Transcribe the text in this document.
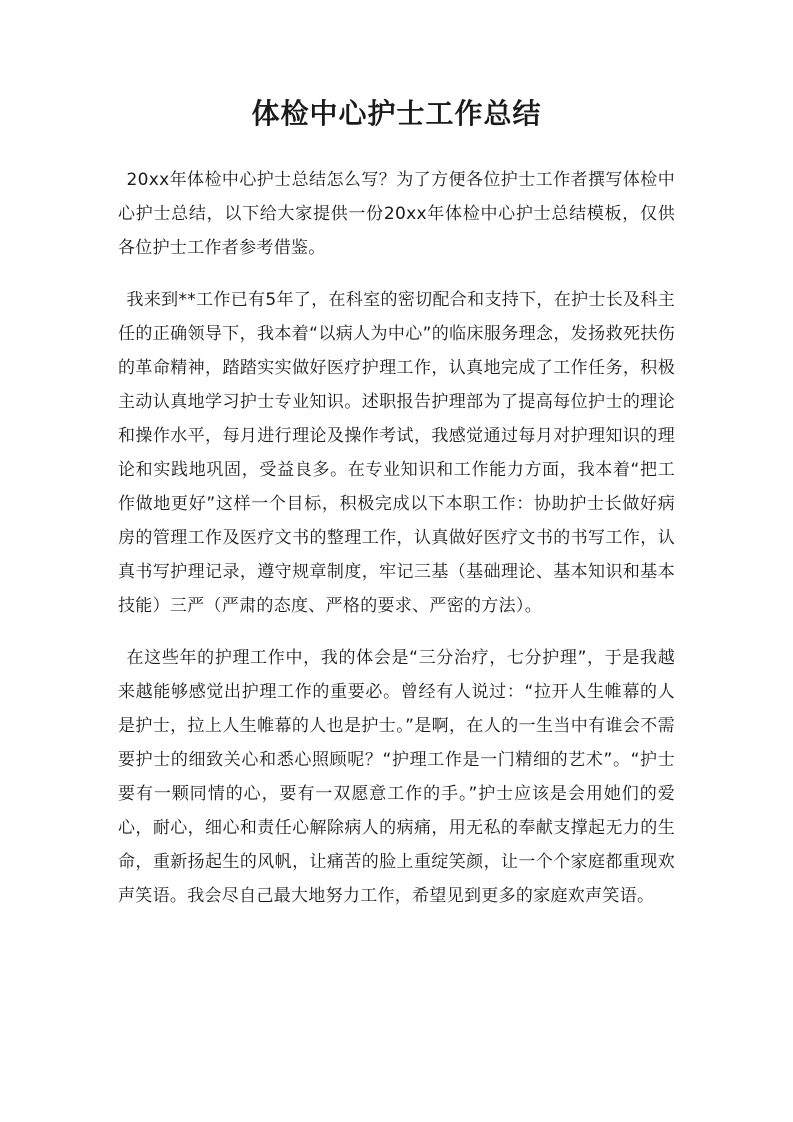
体检中心护士工作总结

20xx年体检中心护士总结怎么写？为了方便各位护士工作者撰写体检中心护士总结，以下给大家提供一份20xx年体检中心护士总结模板，仅供各位护士工作者参考借鉴。

我来到**工作已有5年了，在科室的密切配合和支持下，在护士长及科主任的正确领导下，我本着“以病人为中心”的临床服务理念，发扬救死扶伤的革命精神，踏踏实实做好医疗护理工作，认真地完成了工作任务，积极主动认真地学习护士专业知识。述职报告护理部为了提高每位护士的理论和操作水平，每月进行理论及操作考试，我感觉通过每月对护理知识的理论和实践地巩固，受益良多。在专业知识和工作能力方面，我本着“把工作做地更好”这样一个目标，积极完成以下本职工作：协助护士长做好病房的管理工作及医疗文书的整理工作，认真做好医疗文书的书写工作，认真书写护理记录，遵守规章制度，牢记三基（基础理论、基本知识和基本技能）三严（严肃的态度、严格的要求、严密的方法）。

在这些年的护理工作中，我的体会是“三分治疗，七分护理”，于是我越来越能够感觉出护理工作的重要必。曾经有人说过：“拉开人生帷幕的人是护士，拉上人生帷幕的人也是护士。”是啊，在人的一生当中有谁会不需要护士的细致关心和悉心照顾呢？“护理工作是一门精细的艺术”。“护士要有一颗同情的心，要有一双愿意工作的手。”护士应该是会用她们的爱心，耐心，细心和责任心解除病人的病痛，用无私的奉献支撑起无力的生命，重新扬起生的风帆，让痛苦的脸上重绽笑颜，让一个个家庭都重现欢声笑语。我会尽自己最大地努力工作，希望见到更多的家庭欢声笑语。
